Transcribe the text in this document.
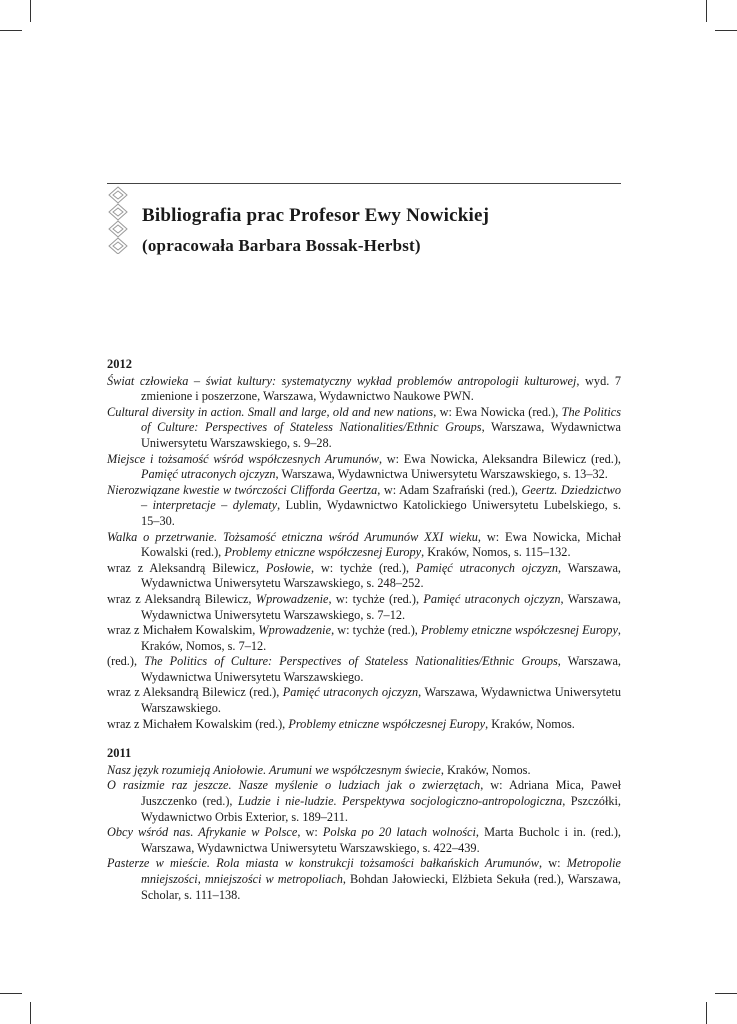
Bibliografia prac Profesor Ewy Nowickiej

(opracowała Barbara Bossak-Herbst)

2012

Świat człowieka – świat kultury: systematyczny wykład problemów antropologii kulturowej, wyd. 7 zmienione i poszerzone, Warszawa, Wydawnictwo Naukowe PWN.

Cultural diversity in action. Small and large, old and new nations, w: Ewa Nowicka (red.), The Politics of Culture: Perspectives of Stateless Nationalities/Ethnic Groups, Warszawa, Wydawnictwa Uniwersytetu Warszawskiego, s. 9–28.

Miejsce i tożsamość wśród współczesnych Arumunów, w: Ewa Nowicka, Aleksandra Bilewicz (red.), Pamięć utraconych ojczyzn, Warszawa, Wydawnictwa Uniwersytetu Warszawskiego, s. 13–32.

Nierozwiązane kwestie w twórczości Clifforda Geertza, w: Adam Szafrański (red.), Geertz. Dziedzictwo – interpretacje – dylematy, Lublin, Wydawnictwo Katolickiego Uniwersytetu Lubelskiego, s. 15–30.

Walka o przetrwanie. Tożsamość etniczna wśród Arumunów XXI wieku, w: Ewa Nowicka, Michał Kowalski (red.), Problemy etniczne współczesnej Europy, Kraków, Nomos, s. 115–132.

wraz z Aleksandrą Bilewicz, Posłowie, w: tychże (red.), Pamięć utraconych ojczyzn, Warszawa, Wydawnictwa Uniwersytetu Warszawskiego, s. 248–252.

wraz z Aleksandrą Bilewicz, Wprowadzenie, w: tychże (red.), Pamięć utraconych ojczyzn, Warszawa, Wydawnictwa Uniwersytetu Warszawskiego, s. 7–12.

wraz z Michałem Kowalskim, Wprowadzenie, w: tychże (red.), Problemy etniczne współczesnej Europy, Kraków, Nomos, s. 7–12.

(red.), The Politics of Culture: Perspectives of Stateless Nationalities/Ethnic Groups, Warszawa, Wydawnictwa Uniwersytetu Warszawskiego.

wraz z Aleksandrą Bilewicz (red.), Pamięć utraconych ojczyzn, Warszawa, Wydawnictwa Uniwersytetu Warszawskiego.

wraz z Michałem Kowalskim (red.), Problemy etniczne współczesnej Europy, Kraków, Nomos.

2011

Nasz język rozumieją Aniołowie. Arumuni we współczesnym świecie, Kraków, Nomos.

O rasizmie raz jeszcze. Nasze myślenie o ludziach jak o zwierzętach, w: Adriana Mica, Paweł Juszczenko (red.), Ludzie i nie-ludzie. Perspektywa socjologiczno-antropologiczna, Pszczółki, Wydawnictwo Orbis Exterior, s. 189–211.

Obcy wśród nas. Afrykanie w Polsce, w: Polska po 20 latach wolności, Marta Bucholc i in. (red.), Warszawa, Wydawnictwa Uniwersytetu Warszawskiego, s. 422–439.

Pasterze w mieście. Rola miasta w konstrukcji tożsamości bałkańskich Arumunów, w: Metropolie mniejszości, mniejszości w metropoliach, Bohdan Jałowiecki, Elżbieta Sekuła (red.), Warszawa, Scholar, s. 111–138.
